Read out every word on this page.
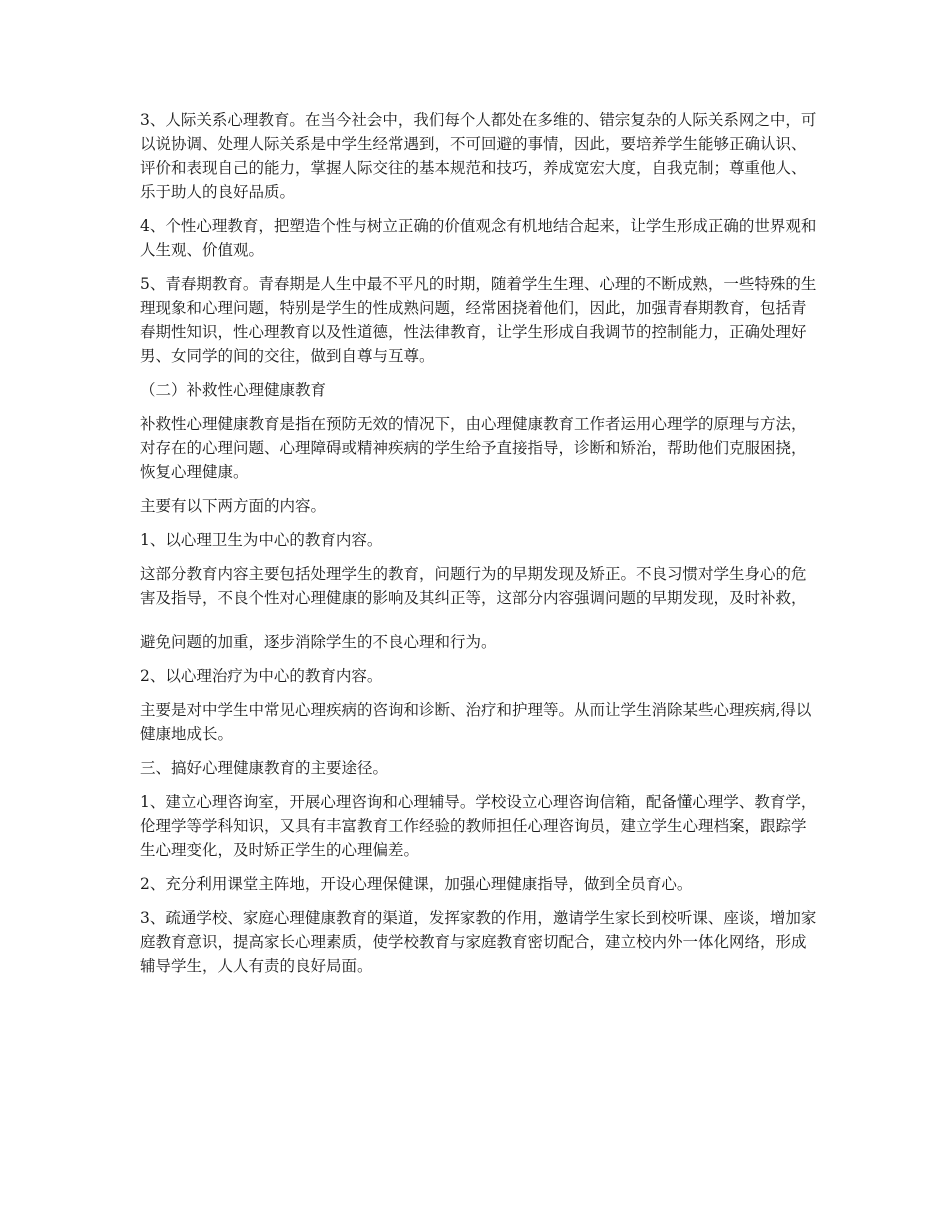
3、人际关系心理教育。在当今社会中，我们每个人都处在多维的、错宗复杂的人际关系网之中，可以说协调、处理人际关系是中学生经常遇到，不可回避的事情，因此，要培养学生能够正确认识、评价和表现自己的能力，掌握人际交往的基本规范和技巧，养成宽宏大度，自我克制；尊重他人、乐于助人的良好品质。

4、个性心理教育，把塑造个性与树立正确的价值观念有机地结合起来，让学生形成正确的世界观和人生观、价值观。

5、青春期教育。青春期是人生中最不平凡的时期，随着学生生理、心理的不断成熟，一些特殊的生理现象和心理问题，特别是学生的性成熟问题，经常困挠着他们，因此，加强青春期教育，包括青春期性知识，性心理教育以及性道德，性法律教育，让学生形成自我调节的控制能力，正确处理好男、女同学的间的交往，做到自尊与互尊。

（二）补救性心理健康教育

补救性心理健康教育是指在预防无效的情况下，由心理健康教育工作者运用心理学的原理与方法，对存在的心理问题、心理障碍或精神疾病的学生给予直接指导，诊断和矫治，帮助他们克服困挠，恢复心理健康。

主要有以下两方面的内容。

1、以心理卫生为中心的教育内容。

这部分教育内容主要包括处理学生的教育，问题行为的早期发现及矫正。不良习惯对学生身心的危害及指导，不良个性对心理健康的影响及其纠正等，这部分内容强调问题的早期发现，及时补救，

避免问题的加重，逐步消除学生的不良心理和行为。

2、以心理治疗为中心的教育内容。

主要是对中学生中常见心理疾病的咨询和诊断、治疗和护理等。从而让学生消除某些心理疾病,得以健康地成长。

三、搞好心理健康教育的主要途径。

1、建立心理咨询室，开展心理咨询和心理辅导。学校设立心理咨询信箱，配备懂心理学、教育学，伦理学等学科知识，又具有丰富教育工作经验的教师担任心理咨询员，建立学生心理档案，跟踪学生心理变化，及时矫正学生的心理偏差。

2、充分利用课堂主阵地，开设心理保健课，加强心理健康指导，做到全员育心。

3、疏通学校、家庭心理健康教育的渠道，发挥家教的作用，邀请学生家长到校听课、座谈，增加家庭教育意识，提高家长心理素质，使学校教育与家庭教育密切配合，建立校内外一体化网络，形成辅导学生，人人有责的良好局面。
